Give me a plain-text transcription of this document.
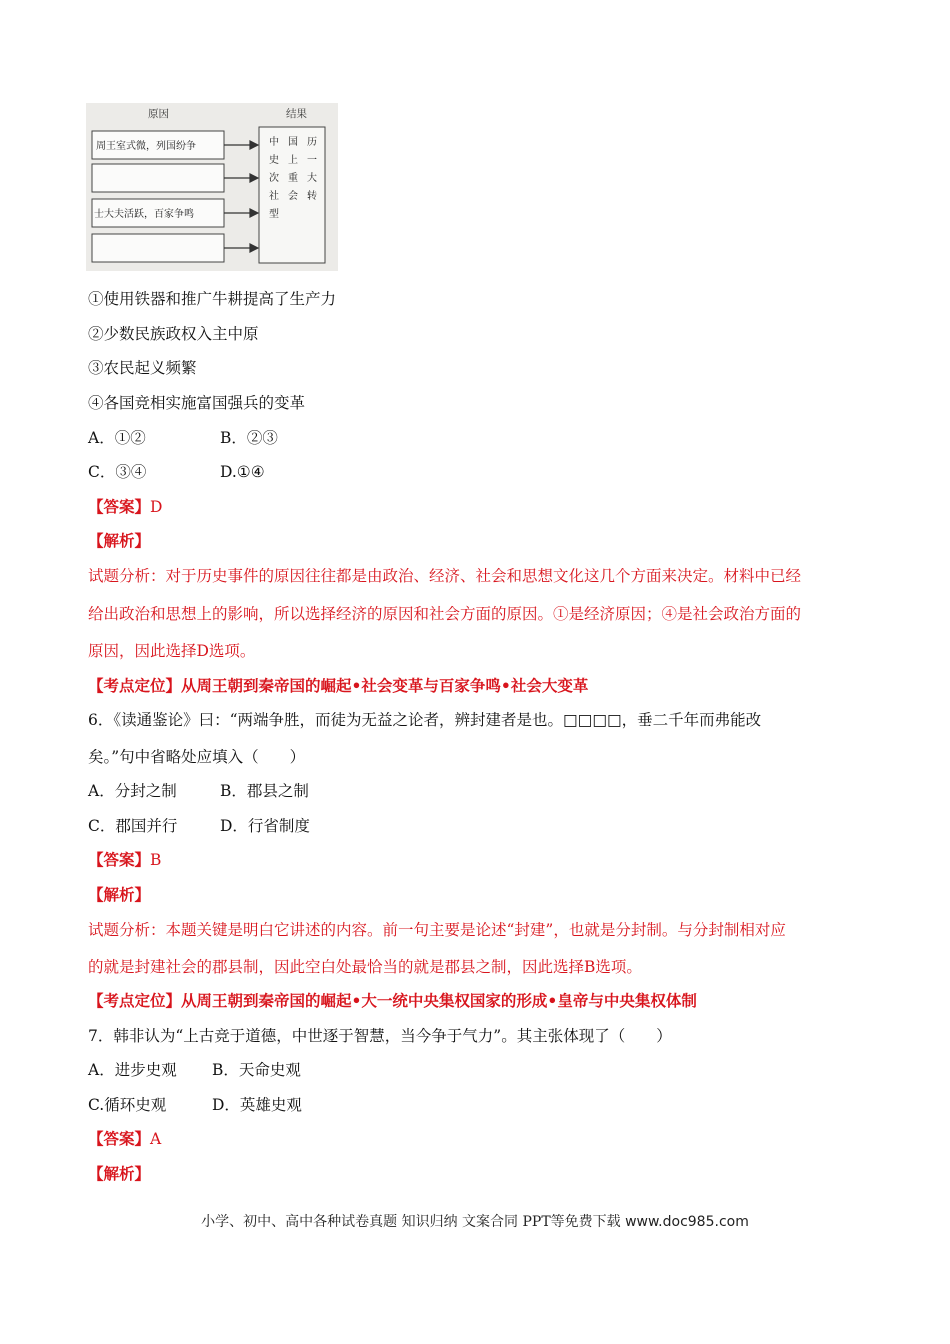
原因	结果
周王室式微，列国纷争
士大夫活跃，百家争鸣
中 国 历
史 上 一
次 重 大
社 会 转
型
①使用铁器和推广牛耕提高了生产力
②少数民族政权入主中原
③农民起义频繁
④各国竞相实施富国强兵的变革
A．①②	B．②③
C．③④	D.①④
【答案】D
【解析】
试题分析：对于历史事件的原因往往都是由政治、经济、社会和思想文化这几个方面来决定。材料中已经
给出政治和思想上的影响，所以选择经济的原因和社会方面的原因。①是经济原因；④是社会政治方面的
原因，因此选择D选项。
【考点定位】从周王朝到秦帝国的崛起•社会变革与百家争鸣•社会大变革
6．《读通鉴论》曰：“两端争胜，而徒为无益之论者，辨封建者是也。□□□□，垂二千年而弗能改
矣。”句中省略处应填入（　　）
A．分封之制	B．郡县之制
C．郡国并行	D．行省制度
【答案】B
【解析】
试题分析：本题关键是明白它讲述的内容。前一句主要是论述“封建”，也就是分封制。与分封制相对应
的就是封建社会的郡县制，因此空白处最恰当的就是郡县之制，因此选择B选项。
【考点定位】从周王朝到秦帝国的崛起•大一统中央集权国家的形成•皇帝与中央集权体制
7．韩非认为“上古竞于道德，中世逐于智慧，当今争于气力”。其主张体现了（　　）
A．进步史观 B．天命史观
C.循环史观	D．英雄史观
【答案】A
【解析】
小学、初中、高中各种试卷真题 知识归纳 文案合同 PPT等免费下载 www.doc985.com
